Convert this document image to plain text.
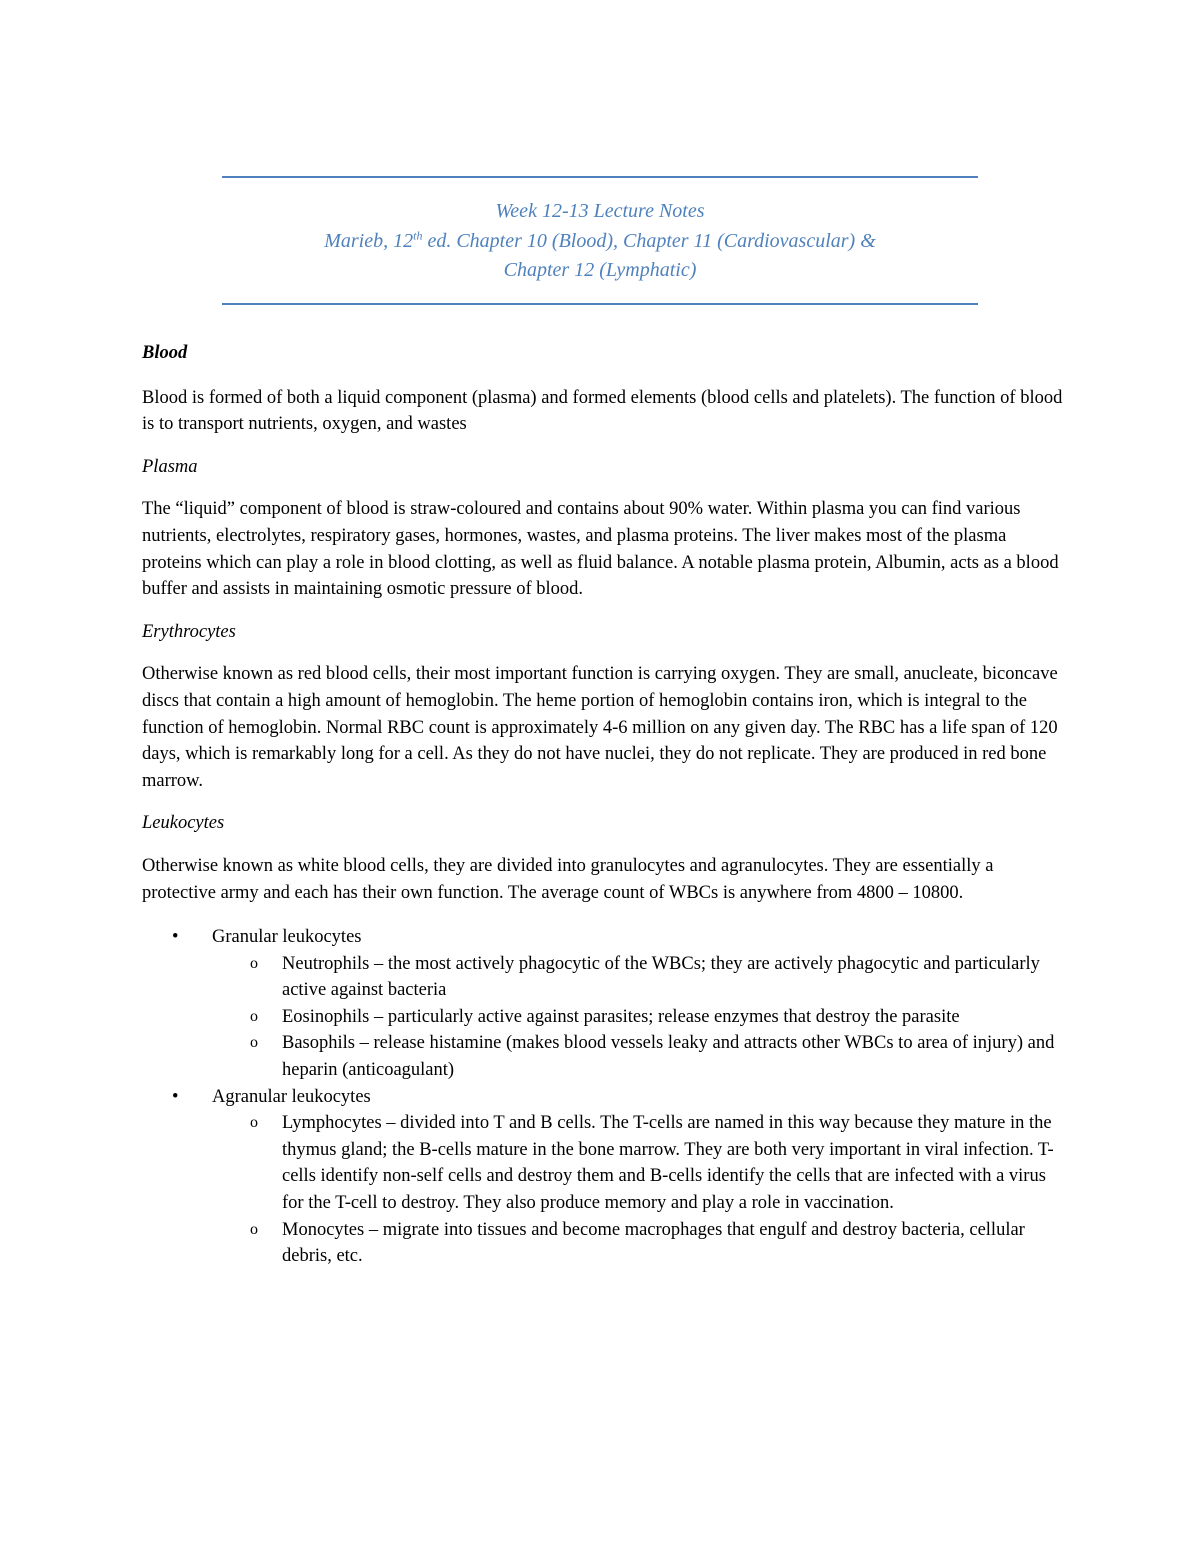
Week 12-13 Lecture Notes
Marieb, 12th ed. Chapter 10 (Blood), Chapter 11 (Cardiovascular) &
Chapter 12 (Lymphatic)

Blood

Blood is formed of both a liquid component (plasma) and formed elements (blood cells and platelets). The function of blood is to transport nutrients, oxygen, and wastes

Plasma

The “liquid” component of blood is straw-coloured and contains about 90% water. Within plasma you can find various nutrients, electrolytes, respiratory gases, hormones, wastes, and plasma proteins. The liver makes most of the plasma proteins which can play a role in blood clotting, as well as fluid balance. A notable plasma protein, Albumin, acts as a blood buffer and assists in maintaining osmotic pressure of blood.

Erythrocytes

Otherwise known as red blood cells, their most important function is carrying oxygen. They are small, anucleate, biconcave discs that contain a high amount of hemoglobin. The heme portion of hemoglobin contains iron, which is integral to the function of hemoglobin. Normal RBC count is approximately 4-6 million on any given day. The RBC has a life span of 120 days, which is remarkably long for a cell. As they do not have nuclei, they do not replicate. They are produced in red bone marrow.

Leukocytes

Otherwise known as white blood cells, they are divided into granulocytes and agranulocytes. They are essentially a protective army and each has their own function. The average count of WBCs is anywhere from 4800 – 10800.

• Granular leukocytes
o Neutrophils – the most actively phagocytic of the WBCs; they are actively phagocytic and particularly active against bacteria
o Eosinophils – particularly active against parasites; release enzymes that destroy the parasite
o Basophils – release histamine (makes blood vessels leaky and attracts other WBCs to area of injury) and heparin (anticoagulant)
• Agranular leukocytes
o Lymphocytes – divided into T and B cells. The T-cells are named in this way because they mature in the thymus gland; the B-cells mature in the bone marrow. They are both very important in viral infection. T-cells identify non-self cells and destroy them and B-cells identify the cells that are infected with a virus for the T-cell to destroy. They also produce memory and play a role in vaccination.
o Monocytes – migrate into tissues and become macrophages that engulf and destroy bacteria, cellular debris, etc.
